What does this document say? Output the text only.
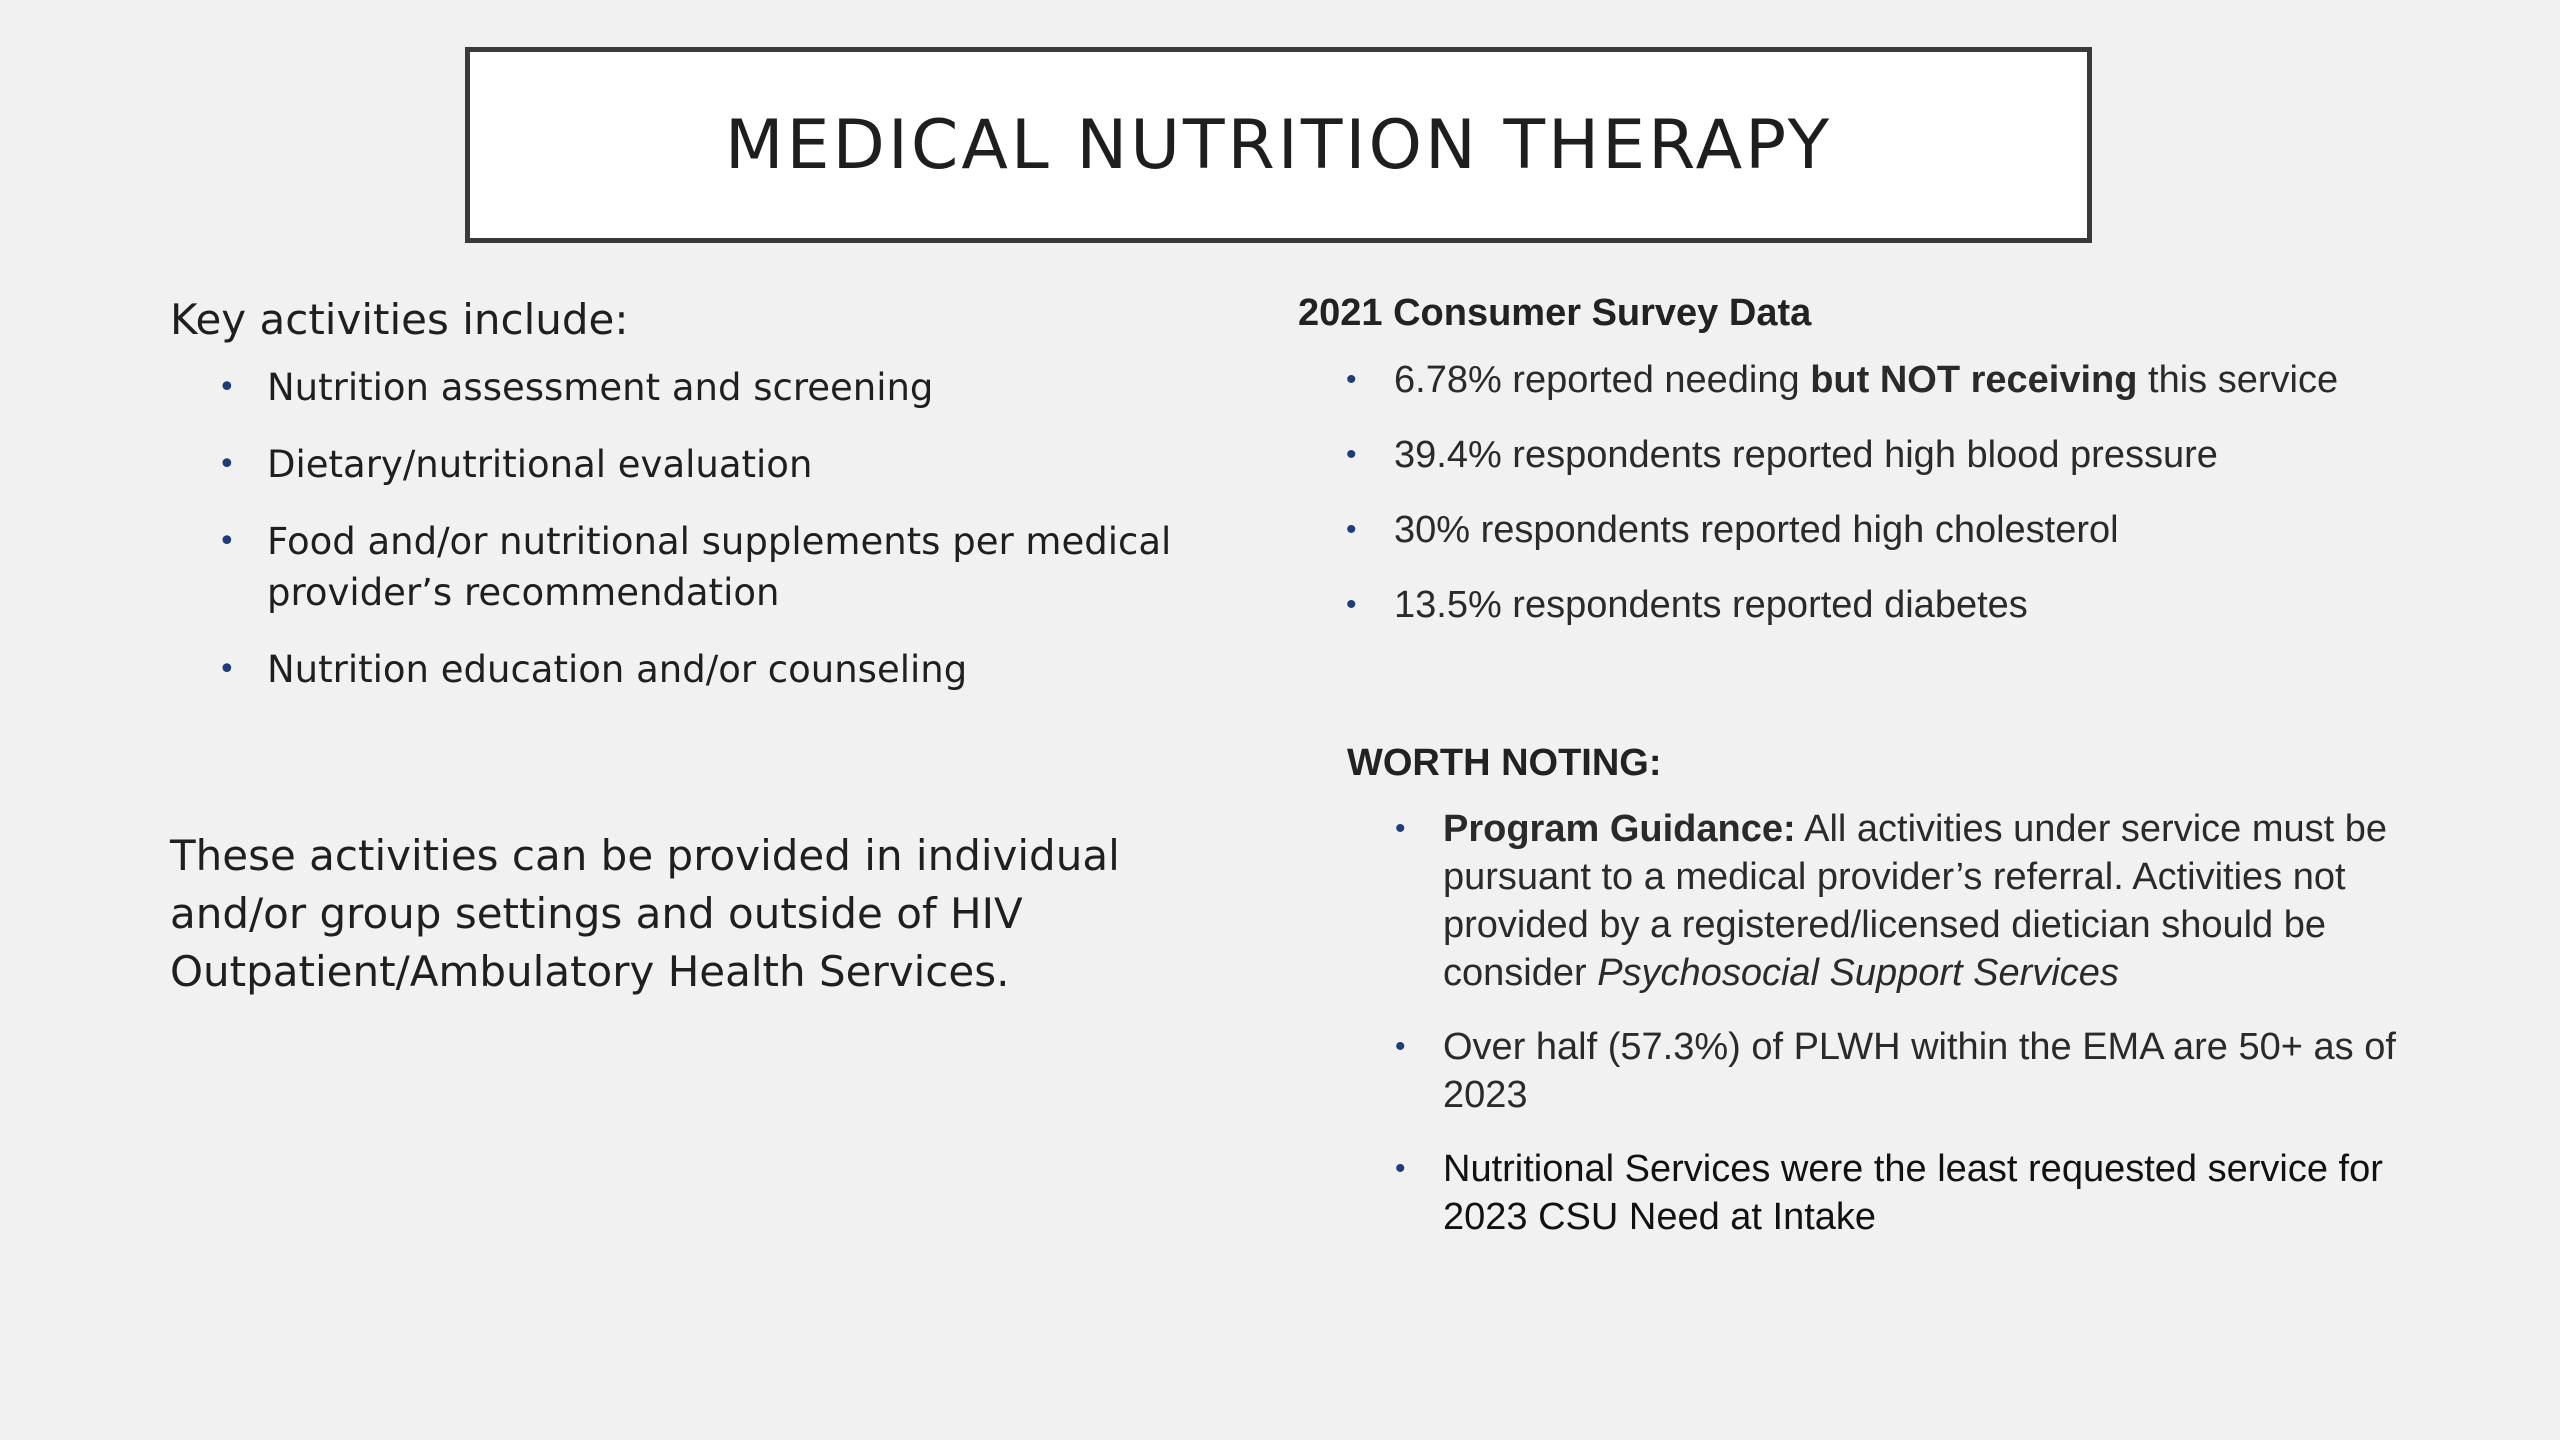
MEDICAL NUTRITION THERAPY

Key activities include:

• Nutrition assessment and screening
• Dietary/nutritional evaluation
• Food and/or nutritional supplements per medical provider’s recommendation
• Nutrition education and/or counseling

These activities can be provided in individual and/or group settings and outside of HIV Outpatient/Ambulatory Health Services.

2021 Consumer Survey Data

• 6.78% reported needing but NOT receiving this service
• 39.4% respondents reported high blood pressure
• 30% respondents reported high cholesterol
• 13.5% respondents reported diabetes

WORTH NOTING:

• Program Guidance: All activities under service must be pursuant to a medical provider’s referral. Activities not provided by a registered/licensed dietician should be consider Psychosocial Support Services
• Over half (57.3%) of PLWH within the EMA are 50+ as of 2023
• Nutritional Services were the least requested service for 2023 CSU Need at Intake
